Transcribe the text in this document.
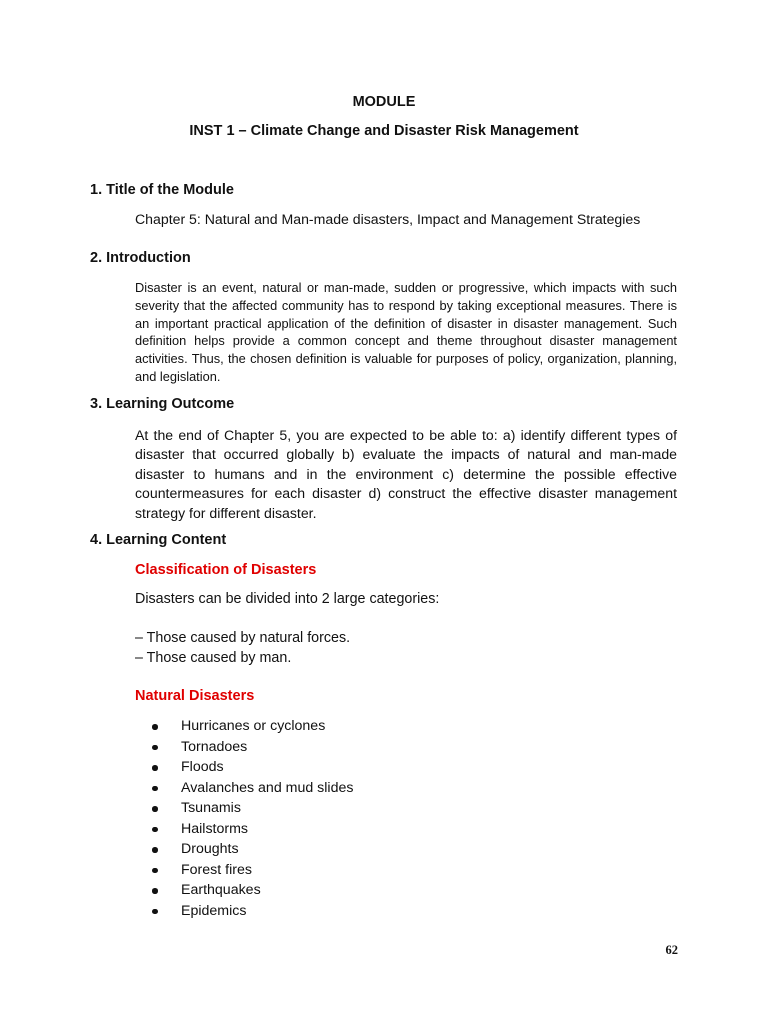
MODULE
INST 1 – Climate Change and Disaster Risk Management
1. Title of the Module
Chapter 5: Natural and Man-made disasters, Impact and Management Strategies
2. Introduction
Disaster is an event, natural or man-made, sudden or progressive, which impacts with such severity that the affected community has to respond by taking exceptional measures. There is an important practical application of the definition of disaster in disaster management. Such definition helps provide a common concept and theme throughout disaster management activities. Thus, the chosen definition is valuable for purposes of policy, organization, planning, and legislation.
3. Learning Outcome
At the end of Chapter 5, you are expected to be able to: a) identify different types of disaster that occurred globally b) evaluate the impacts of natural and man-made disaster to humans and in the environment c) determine the possible effective countermeasures for each disaster d) construct the effective disaster management strategy for different disaster.
4. Learning Content
Classification of Disasters
Disasters can be divided into 2 large categories:
– Those caused by natural forces.
– Those caused by man.
Natural Disasters
Hurricanes or cyclones
Tornadoes
Floods
Avalanches and mud slides
Tsunamis
Hailstorms
Droughts
Forest fires
Earthquakes
Epidemics
62
